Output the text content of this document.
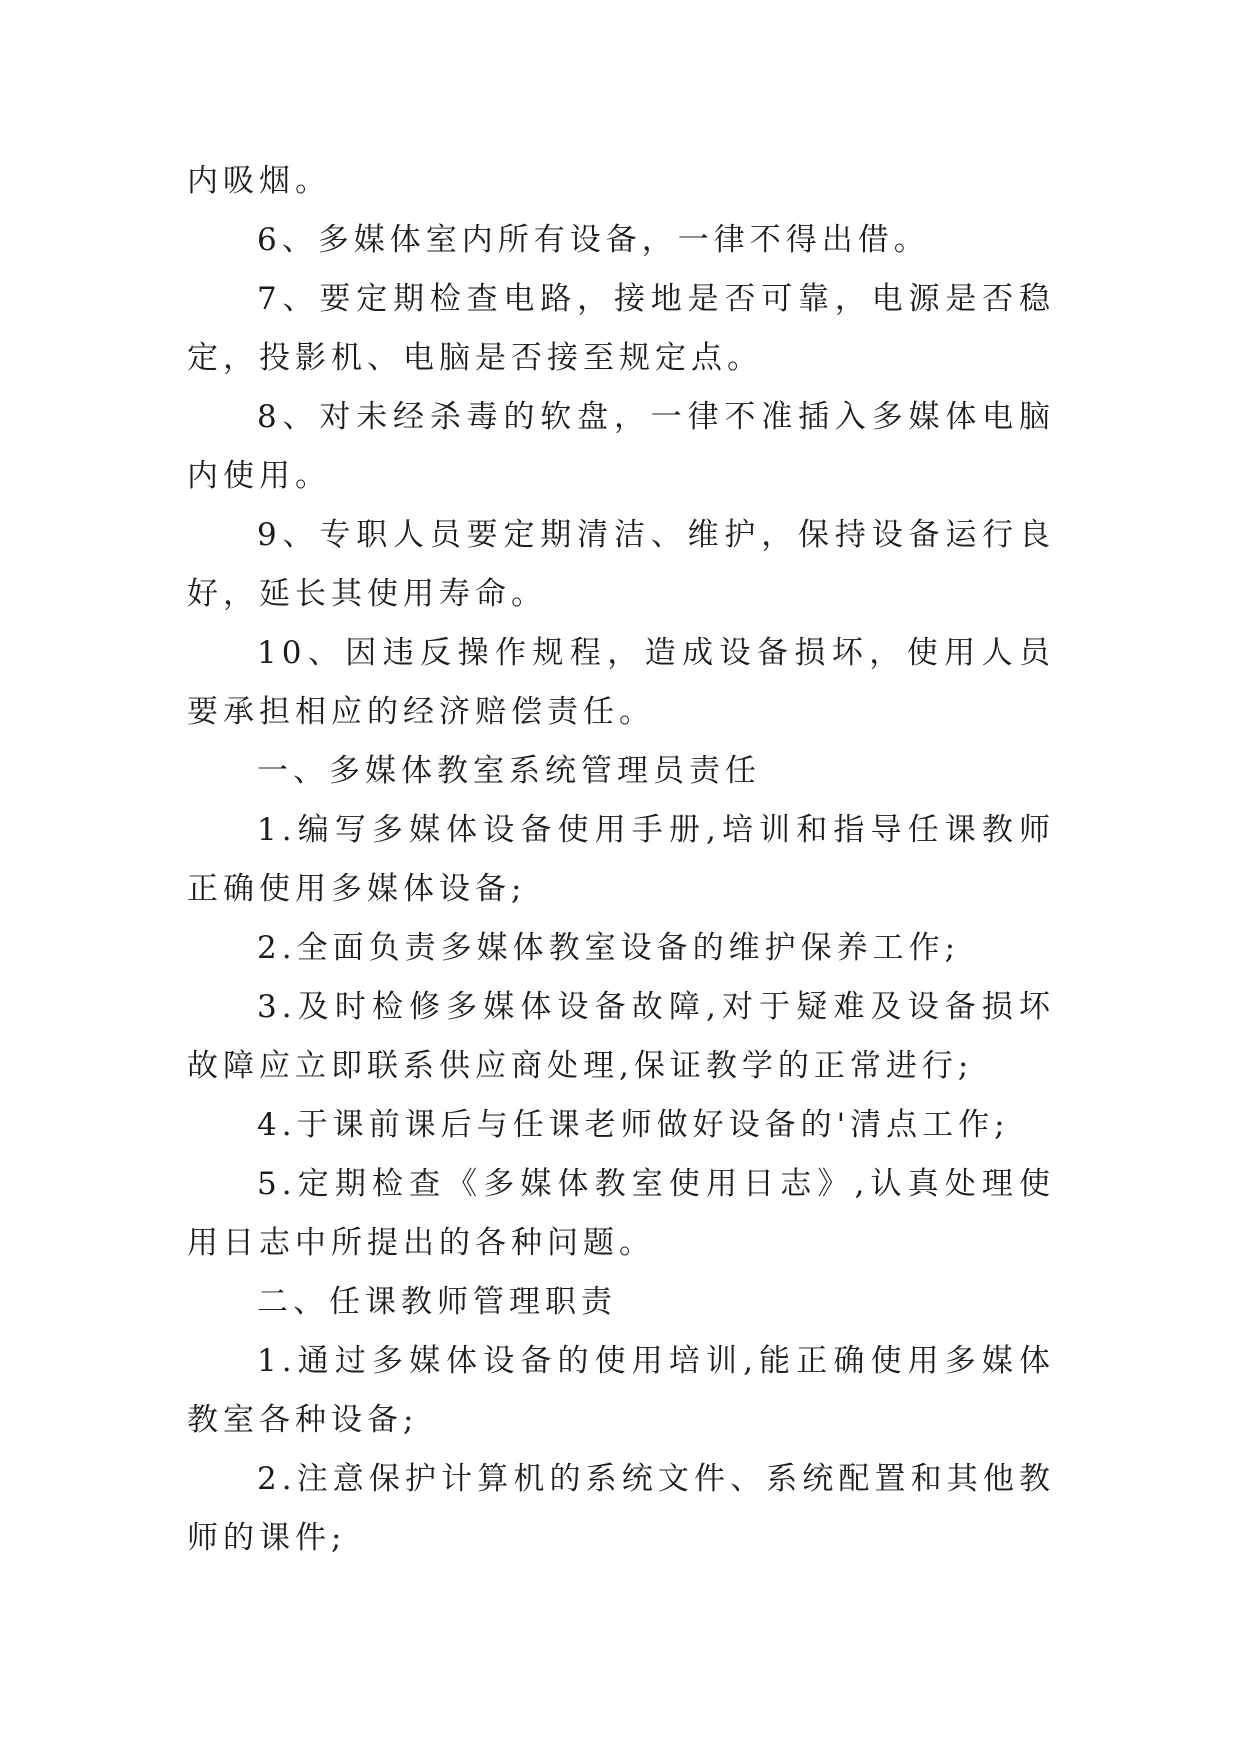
内吸烟。

6、多媒体室内所有设备，一律不得出借。

7、要定期检查电路，接地是否可靠，电源是否稳定，投影机、电脑是否接至规定点。

8、对未经杀毒的软盘，一律不准插入多媒体电脑内使用。

9、专职人员要定期清洁、维护，保持设备运行良好，延长其使用寿命。

10、因违反操作规程，造成设备损坏，使用人员要承担相应的经济赔偿责任。

一、多媒体教室系统管理员责任

1.编写多媒体设备使用手册,培训和指导任课教师正确使用多媒体设备;

2.全面负责多媒体教室设备的维护保养工作;

3.及时检修多媒体设备故障,对于疑难及设备损坏故障应立即联系供应商处理,保证教学的正常进行;

4.于课前课后与任课老师做好设备的'清点工作;

5.定期检查《多媒体教室使用日志》,认真处理使用日志中所提出的各种问题。

二、任课教师管理职责

1.通过多媒体设备的使用培训,能正确使用多媒体教室各种设备;

2.注意保护计算机的系统文件、系统配置和其他教师的课件;
